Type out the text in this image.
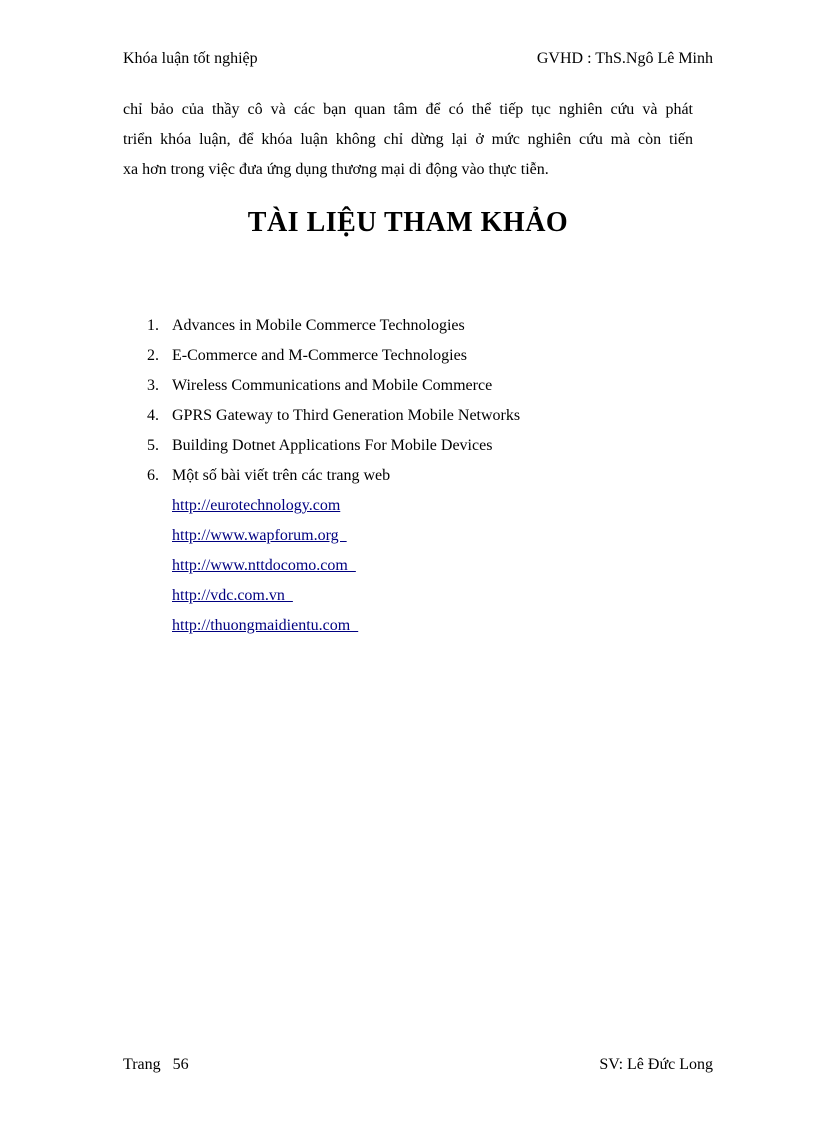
Khóa luận tốt nghiệp	GVHD : ThS.Ngô Lê Minh
chỉ bảo của thầy cô và các bạn quan tâm để có thể tiếp tục nghiên cứu và phát
triển khóa luận, để khóa luận không chỉ dừng lại ở mức nghiên cứu mà còn tiến
xa hơn trong việc đưa ứng dụng thương mại di động vào thực tiễn.
TÀI LIỆU THAM KHẢO
1. Advances in Mobile Commerce Technologies
2. E-Commerce and M-Commerce Technologies
3. Wireless Communications and Mobile Commerce
4. GPRS Gateway to Third Generation Mobile Networks
5. Building Dotnet Applications For Mobile Devices
6. Một số bài viết trên các trang web
http://eurotechnology.com
http://www.wapforum.org
http://www.nttdocomo.com
http://vdc.com.vn
http://thuongmaidientu.com
Trang   56	SV: Lê Đức Long
